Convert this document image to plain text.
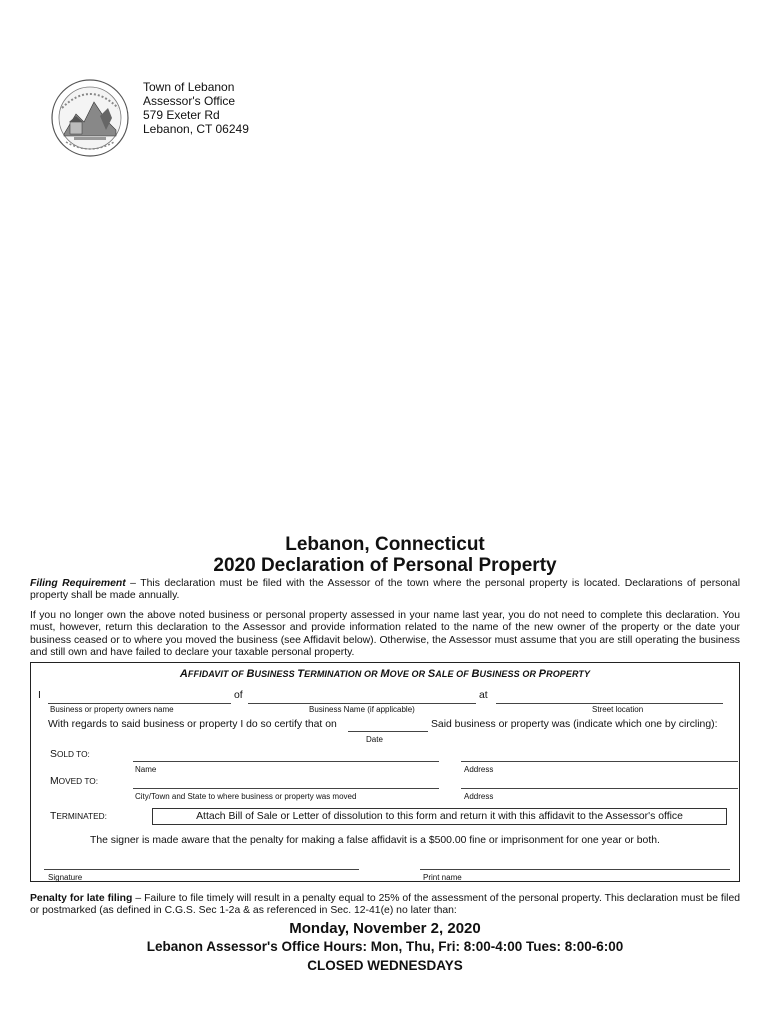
Town of Lebanon
Assessor's Office
579 Exeter Rd
Lebanon, CT 06249
Lebanon, Connecticut
2020 Declaration of Personal Property
Filing Requirement – This declaration must be filed with the Assessor of the town where the personal property is located. Declarations of personal property shall be made annually.
If you no longer own the above noted business or personal property assessed in your name last year, you do not need to complete this declaration. You must, however, return this declaration to the Assessor and provide information related to the name of the new owner of the property or the date your business ceased or to where you moved the business (see Affidavit below). Otherwise, the Assessor must assume that you are still operating the business and still own and have failed to declare your taxable personal property.
AFFIDAVIT OF BUSINESS TERMINATION OR MOVE OR SALE OF BUSINESS OR PROPERTY
I	of	at
Business or property owners name	Business Name (if applicable)	Street location
With regards to said business or property I do so certify that on	Said business or property was (indicate which one by circling):
Date
SOLD TO:
Name	Address
MOVED TO:
City/Town and State to where business or property was moved	Address
TERMINATED:	Attach Bill of Sale or Letter of dissolution to this form and return it with this affidavit to the Assessor's office
The signer is made aware that the penalty for making a false affidavit is a $500.00 fine or imprisonment for one year or both.
Signature	Print name
Penalty for late filing – Failure to file timely will result in a penalty equal to 25% of the assessment of the personal property. This declaration must be filed or postmarked (as defined in C.G.S. Sec 1-2a & as referenced in Sec. 12-41(e) no later than:
Monday, November 2, 2020
Lebanon Assessor's Office Hours: Mon, Thu, Fri: 8:00-4:00 Tues: 8:00-6:00
CLOSED WEDNESDAYS
